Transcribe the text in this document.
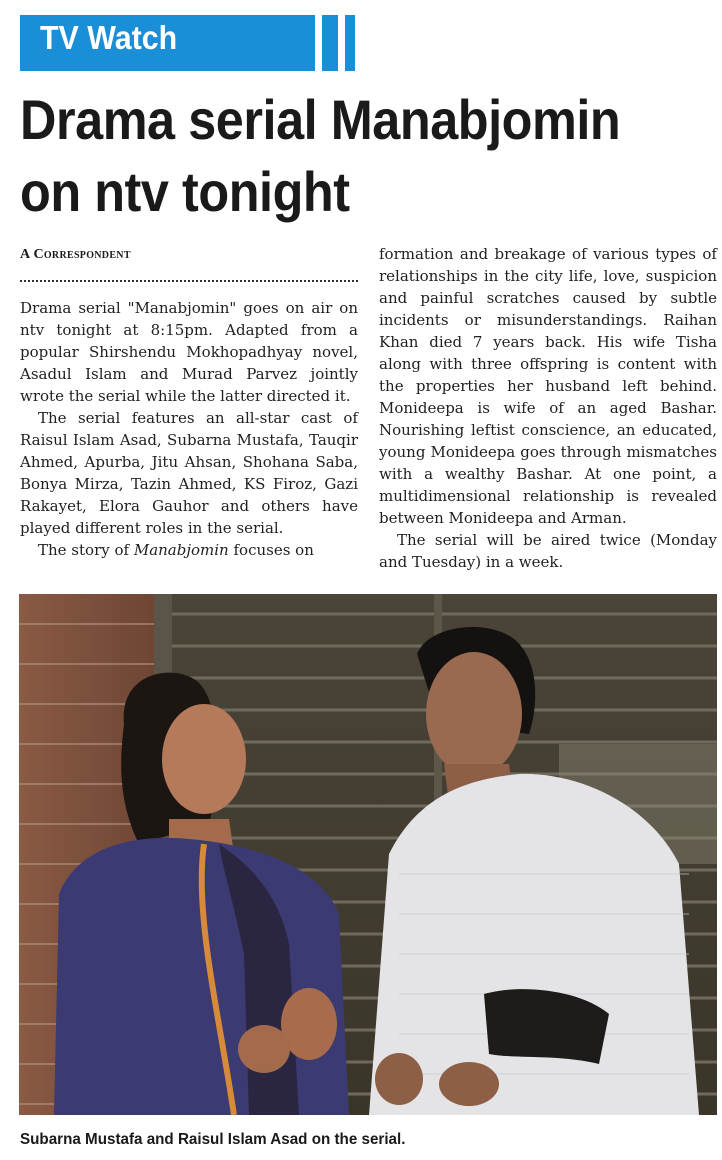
TV Watch
Drama serial Manabjomin
on ntv tonight
A Correspondent

Drama serial "Manabjomin" goes on air on ntv tonight at 8:15pm. Adapted from a popular Shirshendu Mokhopadhyay novel, Asadul Islam and Murad Parvez jointly wrote the serial while the latter directed it.

The serial features an all-star cast of Raisul Islam Asad, Subarna Mustafa, Tauqir Ahmed, Apurba, Jitu Ahsan, Shohana Saba, Bonya Mirza, Tazin Ahmed, KS Firoz, Gazi Rakayet, Elora Gauhor and others have played different roles in the serial.

The story of Manabjomin focuses on

formation and breakage of various types of relationships in the city life, love, suspicion and painful scratches caused by subtle incidents or misunderstandings. Raihan Khan died 7 years back. His wife Tisha along with three offspring is content with the properties her husband left behind. Monideepa is wife of an aged Bashar. Nourishing leftist conscience, an educated, young Monideepa goes through mismatches with a wealthy Bashar. At one point, a multidimensional relationship is revealed between Monideepa and Arman.

The serial will be aired twice (Monday and Tuesday) in a week.

Subarna Mustafa and Raisul Islam Asad on the serial.
